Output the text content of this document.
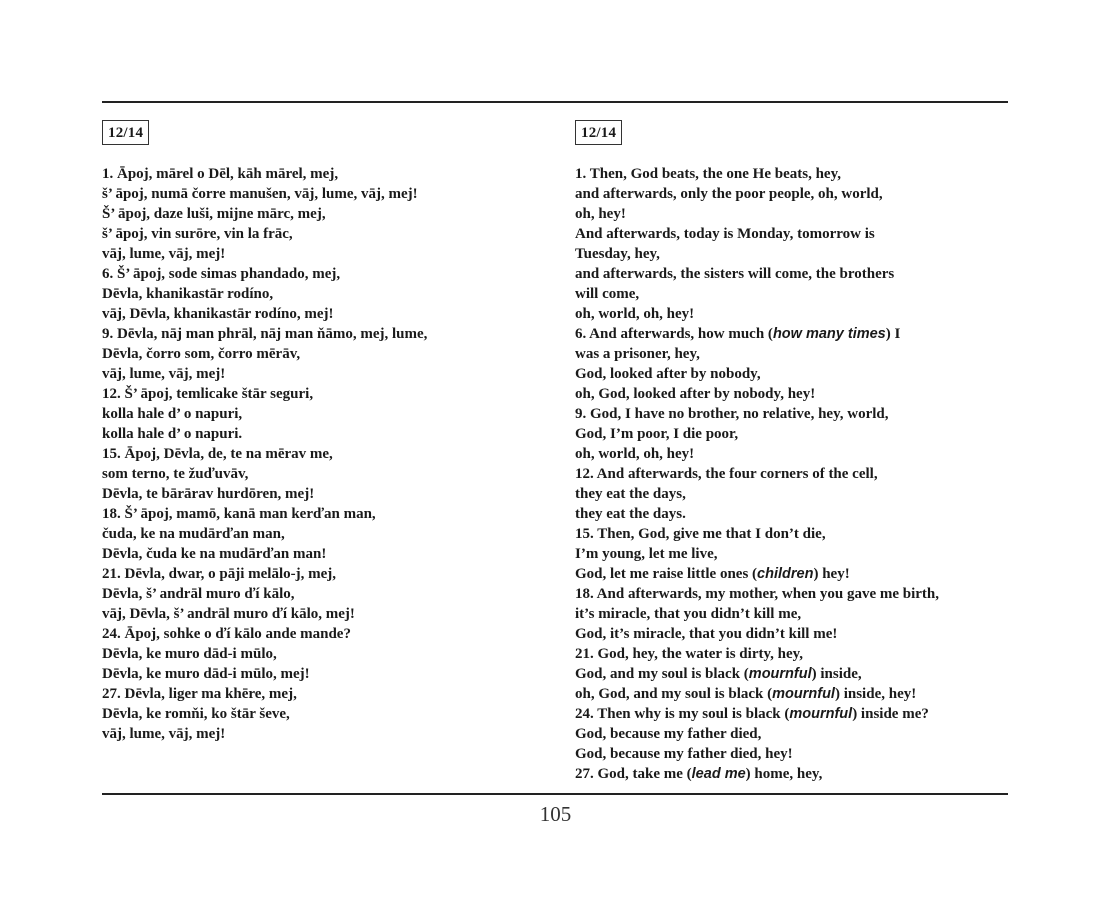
12/14
1. Āpoj, mārel o Dēl, kāh mārel, mej,
š’ āpoj, numā čorre manušen, vāj, lume, vāj, mej!
Š’ āpoj, daze luši, mijne mārc, mej,
š’ āpoj, vin surōre, vin la frāc,
vāj, lume, vāj, mej!
6. Š’ āpoj, sode simas phandado, mej,
Dēvla, khanikastār rodíno,
vāj, Dēvla, khanikastār rodíno, mej!
9. Dēvla, nāj man phrāl, nāj man ňāmo, mej, lume,
Dēvla, čorro som, čorro mērāv,
vāj, lume, vāj, mej!
12. Š’ āpoj, temlicake štār seguri,
kolla hale d’ o napuri,
kolla hale d’ o napuri.
15. Āpoj, Dēvla, de, te na mērav me,
som terno, te žuďuvāv,
Dēvla, te bārārav hurdōren, mej!
18. Š’ āpoj, mamō, kanā man kerďan man,
čuda, ke na mudārďan man,
Dēvla, čuda ke na mudārďan man!
21. Dēvla, dwar, o pāji melālo-j, mej,
Dēvla, š’ andrāl muro ďí kālo,
vāj, Dēvla, š’ andrāl muro ďí kālo, mej!
24. Āpoj, sohke o ďí kālo ande mande?
Dēvla, ke muro dād-i mūlo,
Dēvla, ke muro dād-i mūlo, mej!
27. Dēvla, liger ma khēre, mej,
Dēvla, ke romňi, ko štār ševe,
vāj, lume, vāj, mej!
12/14
1. Then, God beats, the one He beats, hey,
and afterwards, only the poor people, oh, world,
oh, hey!
And afterwards, today is Monday, tomorrow is
Tuesday, hey,
and afterwards, the sisters will come, the brothers
will come,
oh, world, oh, hey!
6. And afterwards, how much (how many times) I
was a prisoner, hey,
God, looked after by nobody,
oh, God, looked after by nobody, hey!
9. God, I have no brother, no relative, hey, world,
God, I’m poor, I die poor,
oh, world, oh, hey!
12. And afterwards, the four corners of the cell,
they eat the days,
they eat the days.
15. Then, God, give me that I don’t die,
I’m young, let me live,
God, let me raise little ones (children) hey!
18. And afterwards, my mother, when you gave me birth,
it’s miracle, that you didn’t kill me,
God, it’s miracle, that you didn’t kill me!
21. God, hey, the water is dirty, hey,
God, and my soul is black (mournful) inside,
oh, God, and my soul is black (mournful) inside, hey!
24. Then why is my soul is black (mournful) inside me?
God, because my father died,
God, because my father died, hey!
27. God, take me (lead me) home, hey,
105
